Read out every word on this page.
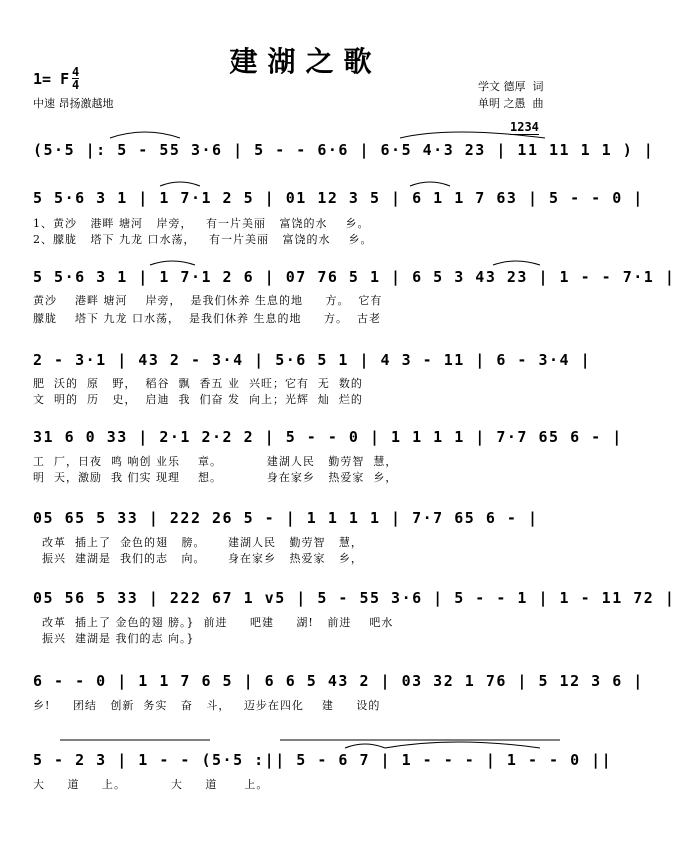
建湖之歌
1= F 4
4
中速 昂扬激越地
学文 德厚  词
单明 之愚  曲
1234
(5·5 |: 5 - 55 3·6 | 5 - - 6·6 | 6·5 4·3 23 | 11 11 1 1 ) |
5 5·6 3 1 | 1 7·1 2 5 | 01 12 3 5 | 6 1 1 7 63 | 5 - - 0 |
1、黄沙   港畔 塘河   岸旁，   有一片美丽   富饶的水    乡。
2、朦胧   塔下 九龙 口水荡，   有一片美丽   富饶的水    乡。
5 5·6 3 1 | 1 7·1 2 6 | 07 76 5 1 | 6 5 3 43 23 | 1 - - 7·1 |
黄沙    港畔 塘河    岸旁，  是我们休养 生息的地     方。  它有
朦胧    塔下 九龙 口水荡，  是我们休养 生息的地     方。  古老
2 - 3·1 | 43 2 - 3·4 | 5·6 5 1 | 4 3 - 11 | 6 - 3·4 |
肥  沃的  原   野，  稻谷  飘  香五 业  兴旺；它有  无  数的
文  明的  历   史，  启迪  我  们奋 发  向上；光辉  灿  烂的
31 6 0 33 | 2·1 2·2 2 | 5 - - 0 | 1 1 1 1 | 7·7 65 6 - |
工  厂，日夜  鸣 响创 业乐    章。          建湖人民   勤劳智  慧，
明  天，激励  我 们实 现理    想。          身在家乡   热爱家  乡，
05 65 5 33 | 222 26 5 - | 1 1 1 1 | 7·7 65 6 - |
改革  插上了  金色的翅   膀。     建湖人民   勤劳智   慧，
振兴  建湖是  我们的志   向。     身在家乡   热爱家   乡，
05 56 5 33 | 222 67 1 v5 | 5 - 55 3·6 | 5 - - 1 | 1 - 11 72 |
改革  插上了 金色的翅 膀。}  前进     吧建     湖!   前进    吧水
振兴  建湖是 我们的志 向。}
6 - - 0 | 1 1 7 6 5 | 6 6 5 43 2 | 03 32 1 76 | 5 12 3 6 |
乡!     团结   创新  务实   奋   斗，   迈步在四化    建     设的
5 - 2 3 | 1 - - (5·5 :|| 5 - 6 7 | 1 - - - | 1 - - 0 ||
大     道     上。          大     道      上。
